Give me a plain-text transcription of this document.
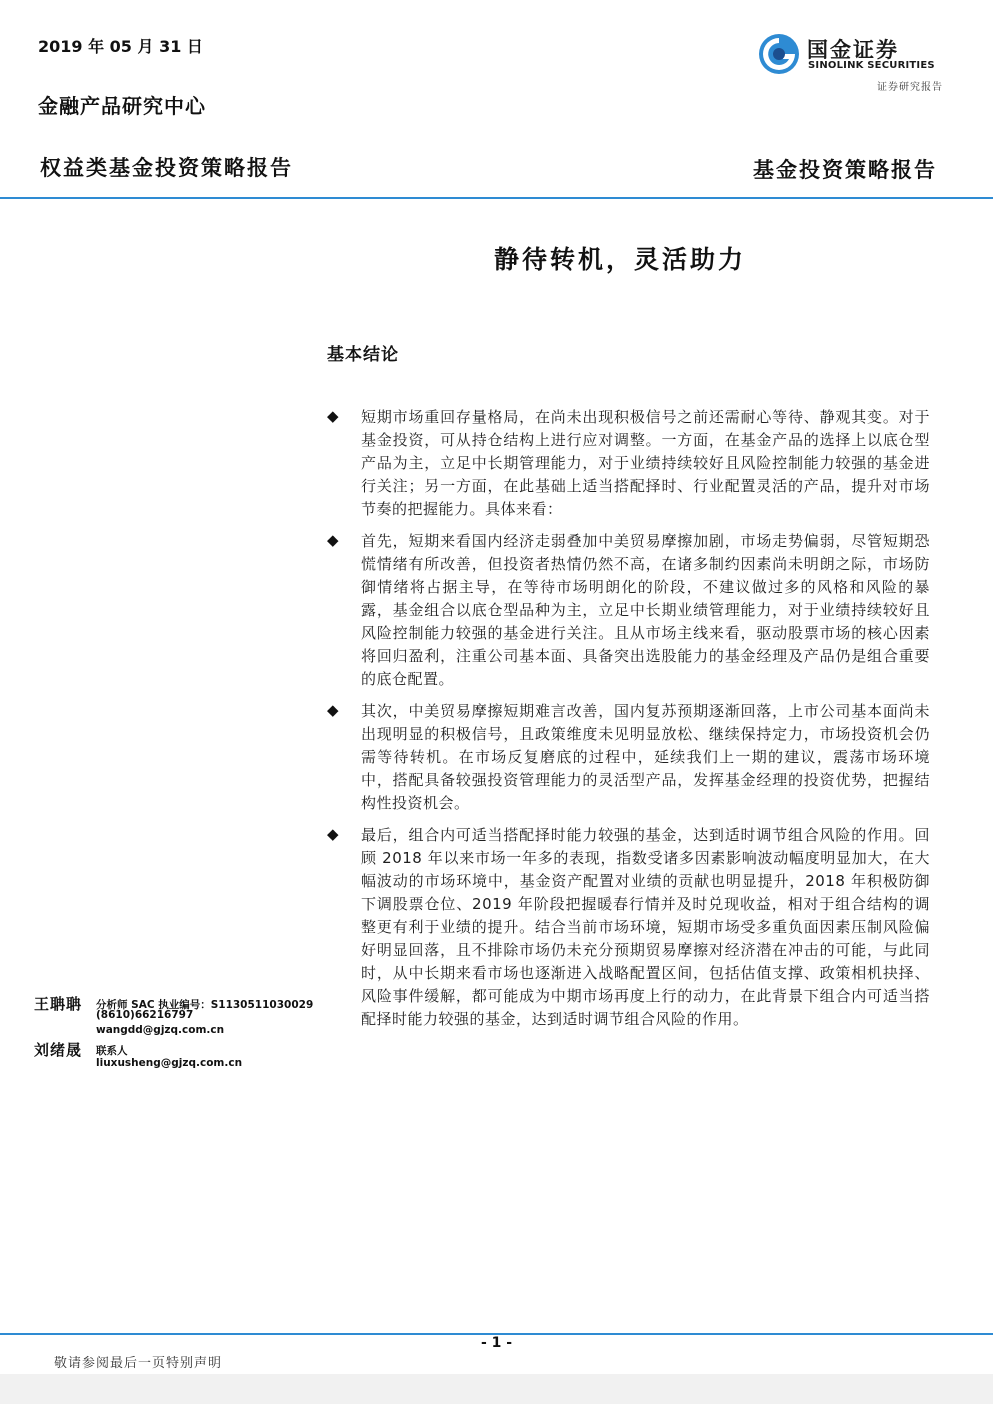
2019 年 05 月 31 日
金融产品研究中心
国金证券
SINOLINK SECURITIES
证券研究报告
权益类基金投资策略报告	基金投资策略报告
静待转机，灵活助力
基本结论
◆ 短期市场重回存量格局，在尚未出现积极信号之前还需耐心等待、静观其变。对于基金投资，可从持仓结构上进行应对调整。一方面，在基金产品的选择上以底仓型产品为主，立足中长期管理能力，对于业绩持续较好且风险控制能力较强的基金进行关注；另一方面，在此基础上适当搭配择时、行业配置灵活的产品，提升对市场节奏的把握能力。具体来看：
◆ 首先，短期来看国内经济走弱叠加中美贸易摩擦加剧，市场走势偏弱，尽管短期恐慌情绪有所改善，但投资者热情仍然不高，在诸多制约因素尚未明朗之际，市场防御情绪将占据主导，在等待市场明朗化的阶段，不建议做过多的风格和风险的暴露，基金组合以底仓型品种为主，立足中长期业绩管理能力，对于业绩持续较好且风险控制能力较强的基金进行关注。且从市场主线来看，驱动股票市场的核心因素将回归盈利，注重公司基本面、具备突出选股能力的基金经理及产品仍是组合重要的底仓配置。
◆ 其次，中美贸易摩擦短期难言改善，国内复苏预期逐渐回落，上市公司基本面尚未出现明显的积极信号，且政策维度未见明显放松、继续保持定力，市场投资机会仍需等待转机。在市场反复磨底的过程中，延续我们上一期的建议，震荡市场环境中，搭配具备较强投资管理能力的灵活型产品，发挥基金经理的投资优势，把握结构性投资机会。
◆ 最后，组合内可适当搭配择时能力较强的基金，达到适时调节组合风险的作用。回顾 2018 年以来市场一年多的表现，指数受诸多因素影响波动幅度明显加大，在大幅波动的市场环境中，基金资产配置对业绩的贡献也明显提升，2018 年积极防御下调股票仓位、2019 年阶段把握暖春行情并及时兑现收益，相对于组合结构的调整更有利于业绩的提升。结合当前市场环境，短期市场受多重负面因素压制风险偏好明显回落，且不排除市场仍未充分预期贸易摩擦对经济潜在冲击的可能，与此同时，从中长期来看市场也逐渐进入战略配置区间，包括估值支撑、政策相机抉择、风险事件缓解，都可能成为中期市场再度上行的动力，在此背景下组合内可适当搭配择时能力较强的基金，达到适时调节组合风险的作用。
王聃聃 分析师 SAC 执业编号：S1130511030029
(8610)66216797
wangdd@gjzq.com.cn
刘绪晟 联系人
liuxusheng@gjzq.com.cn
- 1 -
敬请参阅最后一页特别声明
